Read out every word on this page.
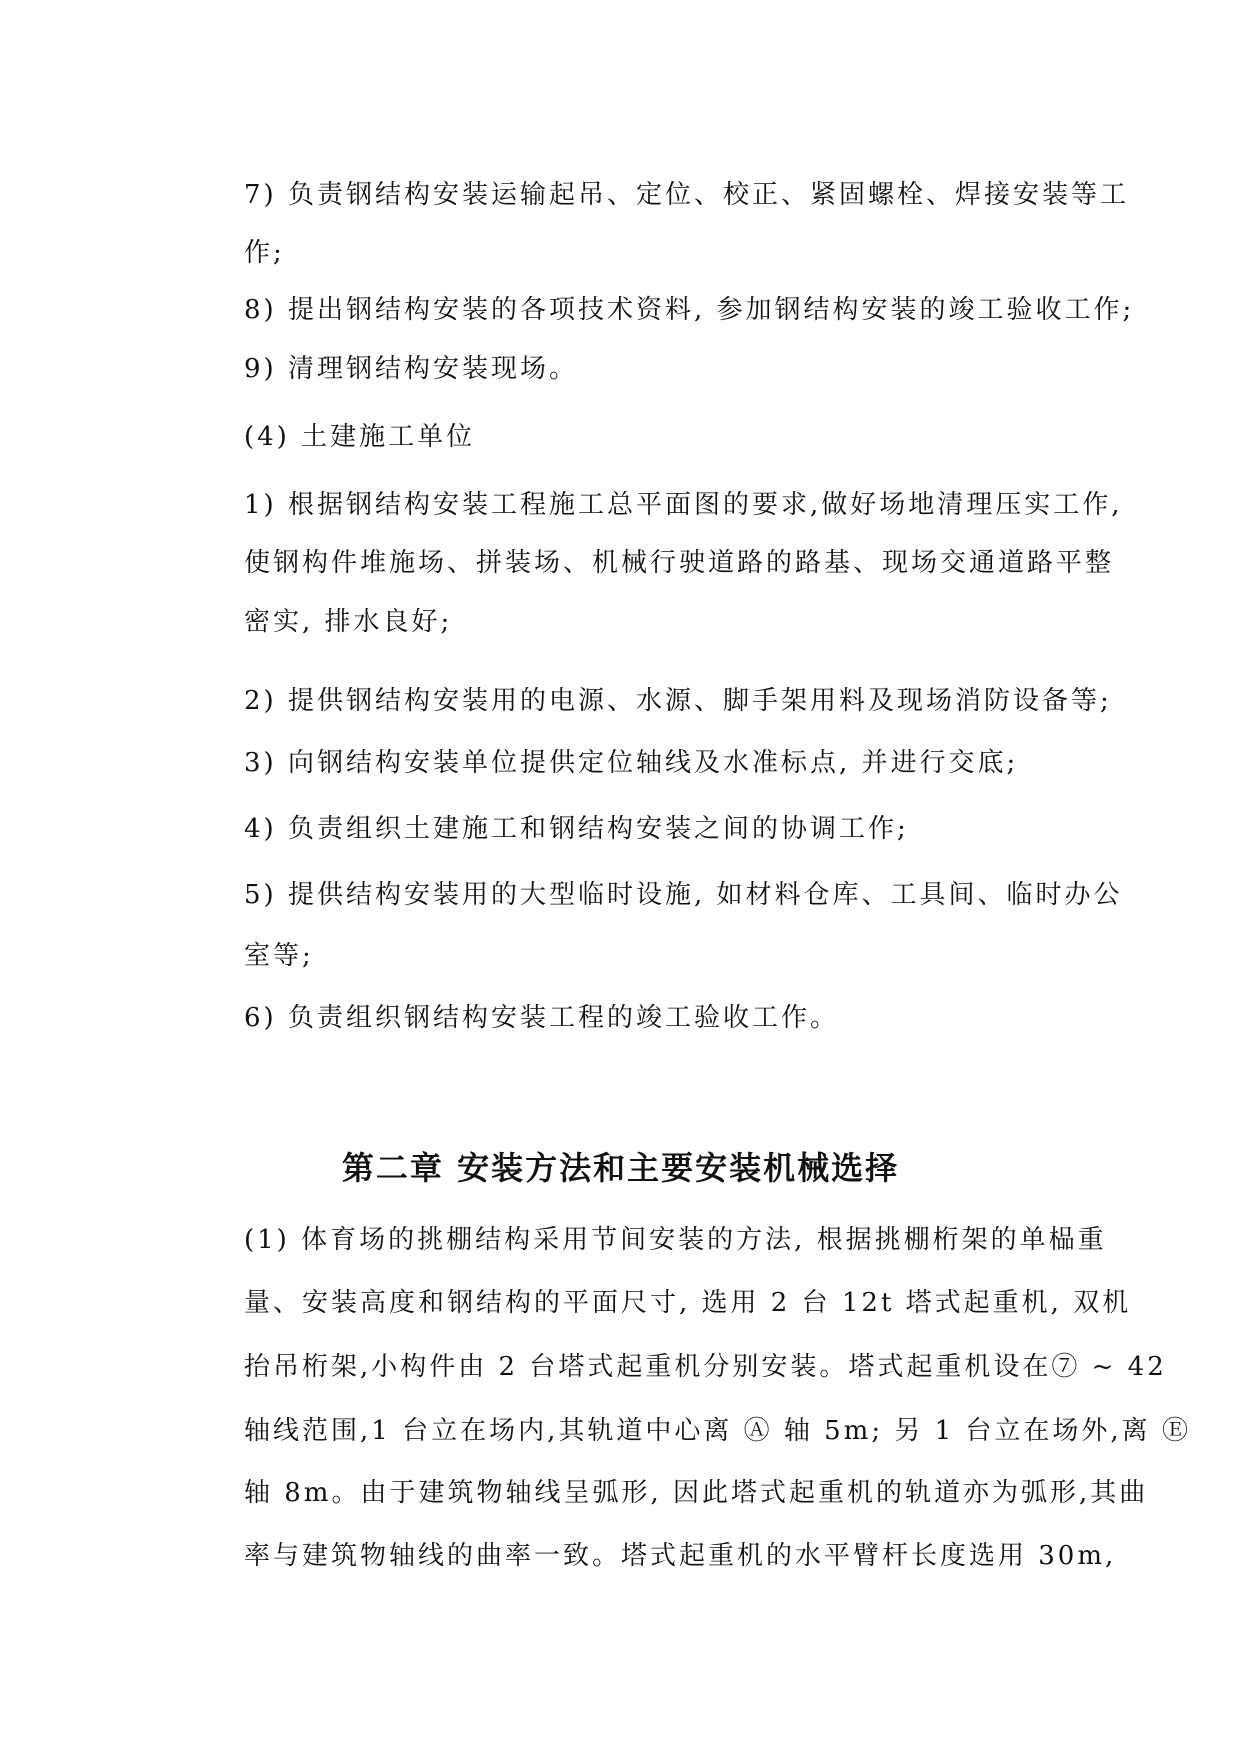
7) 负责钢结构安装运输起吊、定位、校正、紧固螺栓、焊接安装等工
作;
8) 提出钢结构安装的各项技术资料, 参加钢结构安装的竣工验收工作;
9) 清理钢结构安装现场。
(4) 土建施工单位
1) 根据钢结构安装工程施工总平面图的要求,做好场地清理压实工作,
使钢构件堆施场、拼装场、机械行驶道路的路基、现场交通道路平整
密实, 排水良好;
2) 提供钢结构安装用的电源、水源、脚手架用料及现场消防设备等;
3) 向钢结构安装单位提供定位轴线及水准标点, 并进行交底;
4) 负责组织土建施工和钢结构安装之间的协调工作;
5) 提供结构安装用的大型临时设施, 如材料仓库、工具间、临时办公
室等;
6) 负责组织钢结构安装工程的竣工验收工作。
第二章 安装方法和主要安装机械选择
(1) 体育场的挑棚结构采用节间安装的方法, 根据挑棚桁架的单榀重
量、安装高度和钢结构的平面尺寸, 选用 2 台 12t 塔式起重机, 双机
抬吊桁架,小构件由 2 台塔式起重机分别安装。塔式起重机设在⑦ ~ 42
轴线范围,1 台立在场内,其轨道中心离 Ⓐ 轴 5m; 另 1 台立在场外,离 Ⓔ
轴 8m。由于建筑物轴线呈弧形, 因此塔式起重机的轨道亦为弧形,其曲
率与建筑物轴线的曲率一致。塔式起重机的水平臂杆长度选用 30m,
